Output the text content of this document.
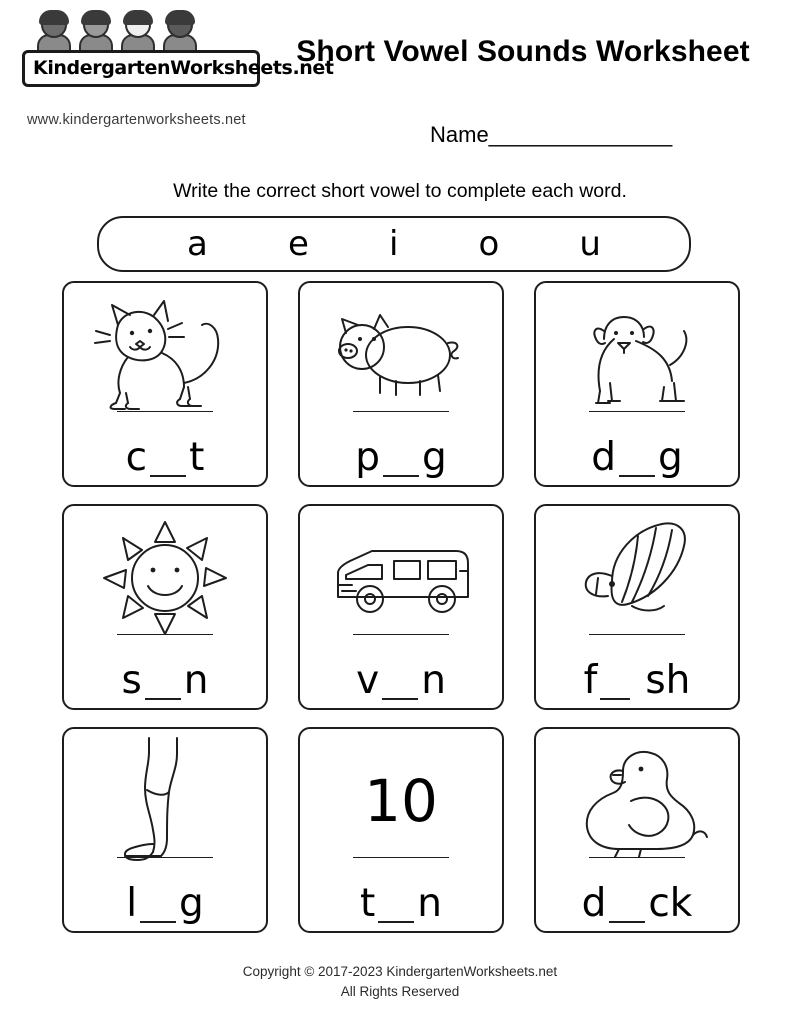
KindergartenWorksheets.net
www.kindergartenworksheets.net
Short Vowel Sounds Worksheet
Name_______________
Write the correct short vowel to complete each word.
a e i o u
c t	p g	d g
s n	v n	f sh
l g
10
t n	d ck
Copyright © 2017-2023 KindergartenWorksheets.net
All Rights Reserved
